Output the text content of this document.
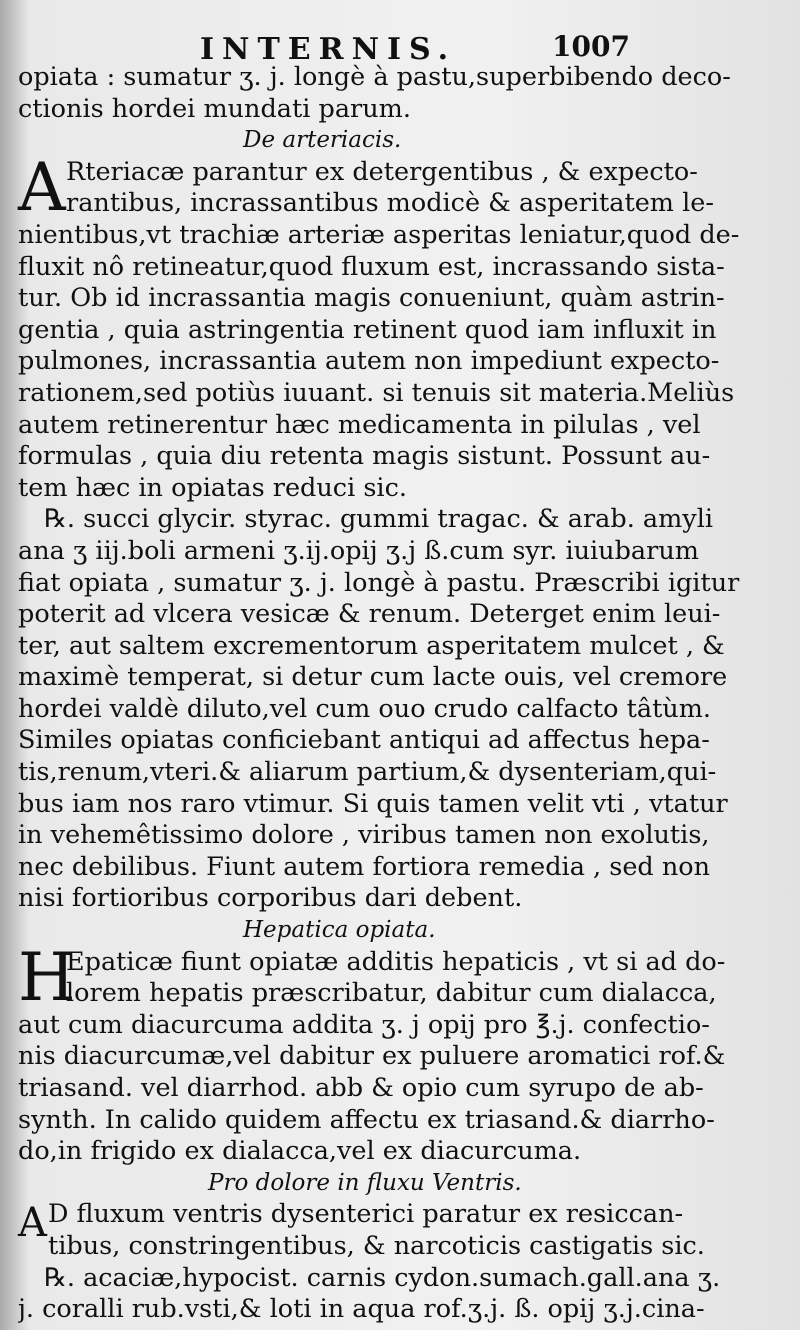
INTERNIS.	1007
opiata : sumatur ʒ. j. longè à pastu,superbibendo deco-
ctionis hordei mundati parum.
De arteriacis.
A Rteriacæ parantur ex detergentibus , & expecto-
rantibus, incrassantibus modicè & asperitatem le-
nientibus,vt trachiæ arteriæ asperitas leniatur,quod de-
fluxit nô retineatur,quod fluxum est, incrassando sista-
tur. Ob id incrassantia magis conueniunt, quàm astrin-
gentia , quia astringentia retinent quod iam influxit in
pulmones, incrassantia autem non impediunt expecto-
rationem,sed potiùs iuuant. si tenuis sit materia.Meliùs
autem retinerentur hæc medicamenta in pilulas , vel
formulas , quia diu retenta magis sistunt. Possunt au-
tem hæc in opiatas reduci sic.
℞. succi glycir. styrac. gummi tragac. & arab. amyli
ana ʒ iij.boli armeni ʒ.ij.opij ʒ.j ß.cum syr. iuiubarum
fiat opiata , sumatur ʒ. j. longè à pastu. Præscribi igitur
poterit ad vlcera vesicæ & renum. Deterget enim leui-
ter, aut saltem excrementorum asperitatem mulcet , &
maximè temperat, si detur cum lacte ouis, vel cremore
hordei valdè diluto,vel cum ouo crudo calfacto tâtùm.
Similes opiatas conficiebant antiqui ad affectus hepa-
tis,renum,vteri.& aliarum partium,& dysenteriam,qui-
bus iam nos raro vtimur. Si quis tamen velit vti , vtatur
in vehemêtissimo dolore , viribus tamen non exolutis,
nec debilibus. Fiunt autem fortiora remedia , sed non
nisi fortioribus corporibus dari debent.
Hepatica opiata.
H
Epaticæ fiunt opiatæ additis hepaticis , vt si ad do-
lorem hepatis præscribatur, dabitur cum dialacca,
aut cum diacurcuma addita ʒ. j opij pro ℥.j. confectio-
nis diacurcumæ,vel dabitur ex puluere aromatici rof.&
triasand. vel diarrhod. abb & opio cum syrupo de ab-
synth. In calido quidem affectu ex triasand.& diarrho-
do,in frigido ex dialacca,vel ex diacurcuma.
Pro dolore in fluxu Ventris.
A D fluxum ventris dysenterici paratur ex resiccan-
tibus, constringentibus, & narcoticis castigatis sic.
℞. acaciæ,hypocist. carnis cydon.sumach.gall.ana ʒ.
j. coralli rub.vsti,& loti in aqua rof.ʒ.j. ß. opij ʒ.j.cina-
